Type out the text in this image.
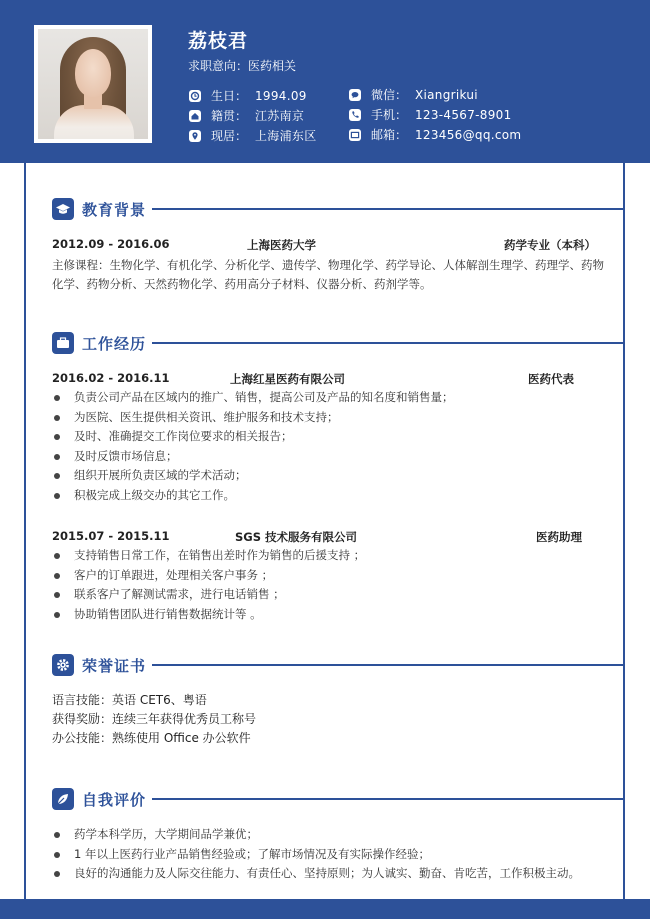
荔枝君
求职意向：医药相关
生日： 1994.09
籍贯： 江苏南京
现居： 上海浦东区
微信： Xiangrikui
手机： 123-4567-8901
邮箱： 123456@qq.com
教育背景
2012.09 - 2016.06	上海医药大学	药学专业（本科）
主修课程：生物化学、有机化学、分析化学、遗传学、物理化学、药学导论、人体解剖生理学、药理学、药物化学、药物分析、天然药物化学、药用高分子材料、仪器分析、药剂学等。
工作经历
2016.02 - 2016.11	上海红星医药有限公司	医药代表
负责公司产品在区域内的推广、销售，提高公司及产品的知名度和销售量；
为医院、医生提供相关资讯、维护服务和技术支持；
及时、准确提交工作岗位要求的相关报告；
及时反馈市场信息；
组织开展所负责区域的学术活动；
积极完成上级交办的其它工作。
2015.07 - 2015.11	SGS 技术服务有限公司	医药助理
支持销售日常工作，在销售出差时作为销售的后援支持 ；
客户的订单跟进，处理相关客户事务 ；
联系客户了解测试需求，进行电话销售 ；
协助销售团队进行销售数据统计等 。
荣誉证书
语言技能：英语 CET6、粤语
获得奖励：连续三年获得优秀员工称号
办公技能：熟练使用 Office 办公软件
自我评价
药学本科学历，大学期间品学兼优；
1 年以上医药行业产品销售经验或；了解市场情况及有实际操作经验；
良好的沟通能力及人际交往能力、有责任心、坚持原则；为人诚实、勤奋、肯吃苦，工作积极主动。
